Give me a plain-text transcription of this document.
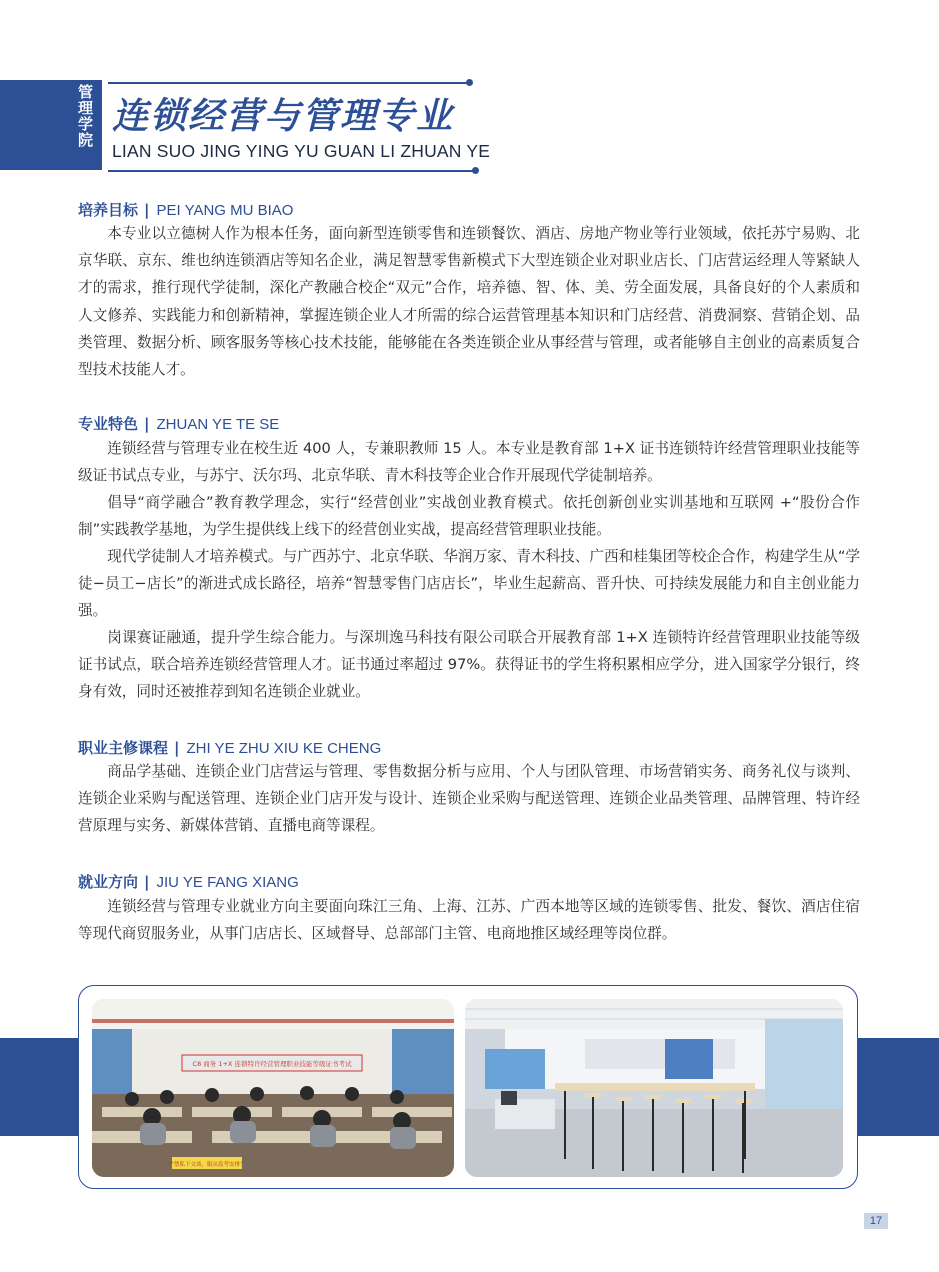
管理学院 连锁经营与管理专业
LIAN SUO JING YING YU GUAN LI ZHUAN YE
培养目标 | PEI YANG MU BIAO

本专业以立德树人作为根本任务，面向新型连锁零售和连锁餐饮、酒店、房地产物业等行业领域，依托苏宁易购、北京华联、京东、维也纳连锁酒店等知名企业，满足智慧零售新模式下大型连锁企业对职业店长、门店营运经理人等紧缺人才的需求，推行现代学徒制，深化产教融合校企“双元”合作，培养德、智、体、美、劳全面发展，具备良好的个人素质和人文修养、实践能力和创新精神，掌握连锁企业人才所需的综合运营管理基本知识和门店经营、消费洞察、营销企划、品类管理、数据分析、顾客服务等核心技术技能，能够能在各类连锁企业从事经营与管理，或者能够自主创业的高素质复合型技术技能人才。

专业特色 | ZHUAN YE TE SE

连锁经营与管理专业在校生近 400 人，专兼职教师 15 人。本专业是教育部 1+X 证书连锁特许经营管理职业技能等级证书试点专业，与苏宁、沃尔玛、北京华联、青木科技等企业合作开展现代学徒制培养。

倡导“商学融合”教育教学理念，实行“经营创业”实战创业教育模式。依托创新创业实训基地和互联网 +“股份合作制”实践教学基地，为学生提供线上线下的经营创业实战，提高经营管理职业技能。

现代学徒制人才培养模式。与广西苏宁、北京华联、华润万家、青木科技、广西和桂集团等校企合作，构建学生从“学徒−员工−店长”的渐进式成长路径，培养“智慧零售门店店长”，毕业生起薪高、晋升快、可持续发展能力和自主创业能力强。

岗课赛证融通，提升学生综合能力。与深圳逸马科技有限公司联合开展教育部 1+X 连锁特许经营管理职业技能等级证书试点，联合培养连锁经营管理人才。证书通过率超过 97%。获得证书的学生将积累相应学分，进入国家学分银行，终身有效，同时还被推荐到知名连锁企业就业。

职业主修课程 | ZHI YE ZHU XIU KE CHENG

商品学基础、连锁企业门店营运与管理、零售数据分析与应用、个人与团队管理、市场营销实务、商务礼仪与谈判、连锁企业采购与配送管理、连锁企业门店开发与设计、连锁企业采购与配送管理、连锁企业品类管理、品牌管理、特许经营原理与实务、新媒体营销、直播电商等课程。

就业方向 | JIU YE FANG XIANG

连锁经营与管理专业就业方向主要面向珠江三角、上海、江苏、广西本地等区域的连锁零售、批发、餐饮、酒店住宿等现代商贸服务业，从事门店店长、区域督导、总部部门主管、电商地推区域经理等岗位群。

C8 商务 1+X 连锁特许经营管理职业技能等级证书考试
严禁私下交谈，服从监考安排！
17
